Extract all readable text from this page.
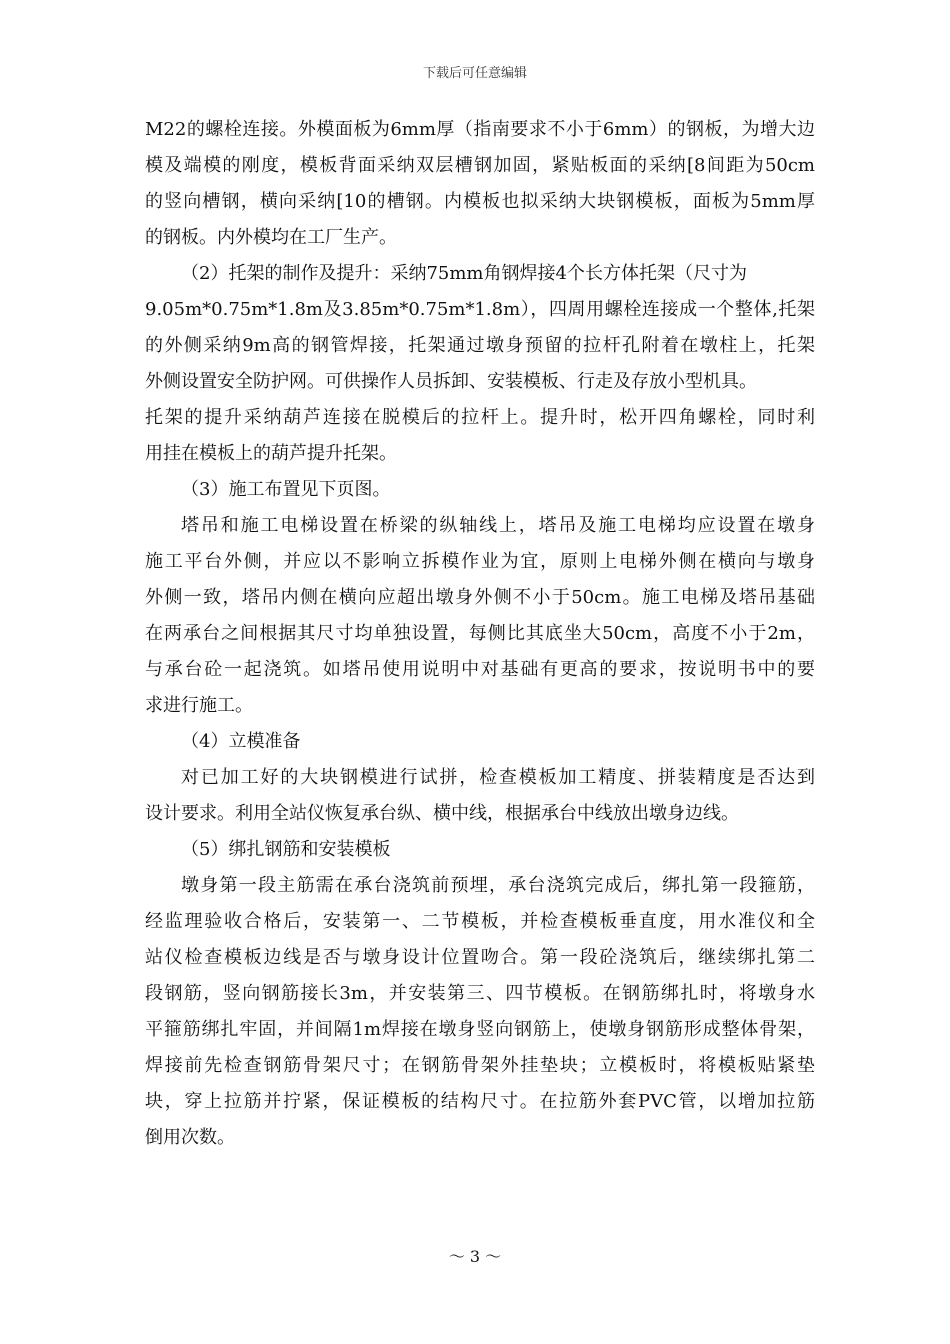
下载后可任意编辑
M22的螺栓连接。外模面板为6mm厚（指南要求不小于6mm）的钢板，为增大边
模及端模的刚度，模板背面采纳双层槽钢加固，紧贴板面的采纳[8间距为50cm
的竖向槽钢，横向采纳[10的槽钢。内模板也拟采纳大块钢模板，面板为5mm厚
的钢板。内外模均在工厂生产。
（2）托架的制作及提升：采纳75mm角钢焊接4个长方体托架（尺寸为
9.05m*0.75m*1.8m及3.85m*0.75m*1.8m），四周用螺栓连接成一个整体,托架
的外侧采纳9m高的钢管焊接，托架通过墩身预留的拉杆孔附着在墩柱上，托架
外侧设置安全防护网。可供操作人员拆卸、安装模板、行走及存放小型机具。
托架的提升采纳葫芦连接在脱模后的拉杆上。提升时，松开四角螺栓，同时利
用挂在模板上的葫芦提升托架。
（3）施工布置见下页图。
塔吊和施工电梯设置在桥梁的纵轴线上，塔吊及施工电梯均应设置在墩身
施工平台外侧，并应以不影响立拆模作业为宜，原则上电梯外侧在横向与墩身
外侧一致，塔吊内侧在横向应超出墩身外侧不小于50cm。施工电梯及塔吊基础
在两承台之间根据其尺寸均单独设置，每侧比其底坐大50cm，高度不小于2m，
与承台砼一起浇筑。如塔吊使用说明中对基础有更高的要求，按说明书中的要
求进行施工。
（4）立模准备
对已加工好的大块钢模进行试拼，检查模板加工精度、拼装精度是否达到
设计要求。利用全站仪恢复承台纵、横中线，根据承台中线放出墩身边线。
（5）绑扎钢筋和安装模板
墩身第一段主筋需在承台浇筑前预埋，承台浇筑完成后，绑扎第一段箍筋，
经监理验收合格后，安装第一、二节模板，并检查模板垂直度，用水准仪和全
站仪检查模板边线是否与墩身设计位置吻合。第一段砼浇筑后，继续绑扎第二
段钢筋，竖向钢筋接长3m，并安装第三、四节模板。在钢筋绑扎时，将墩身水
平箍筋绑扎牢固，并间隔1m焊接在墩身竖向钢筋上，使墩身钢筋形成整体骨架，
焊接前先检查钢筋骨架尺寸；在钢筋骨架外挂垫块；立模板时，将模板贴紧垫
块，穿上拉筋并拧紧，保证模板的结构尺寸。在拉筋外套PVC管，以增加拉筋
倒用次数。
～ 3 ～
